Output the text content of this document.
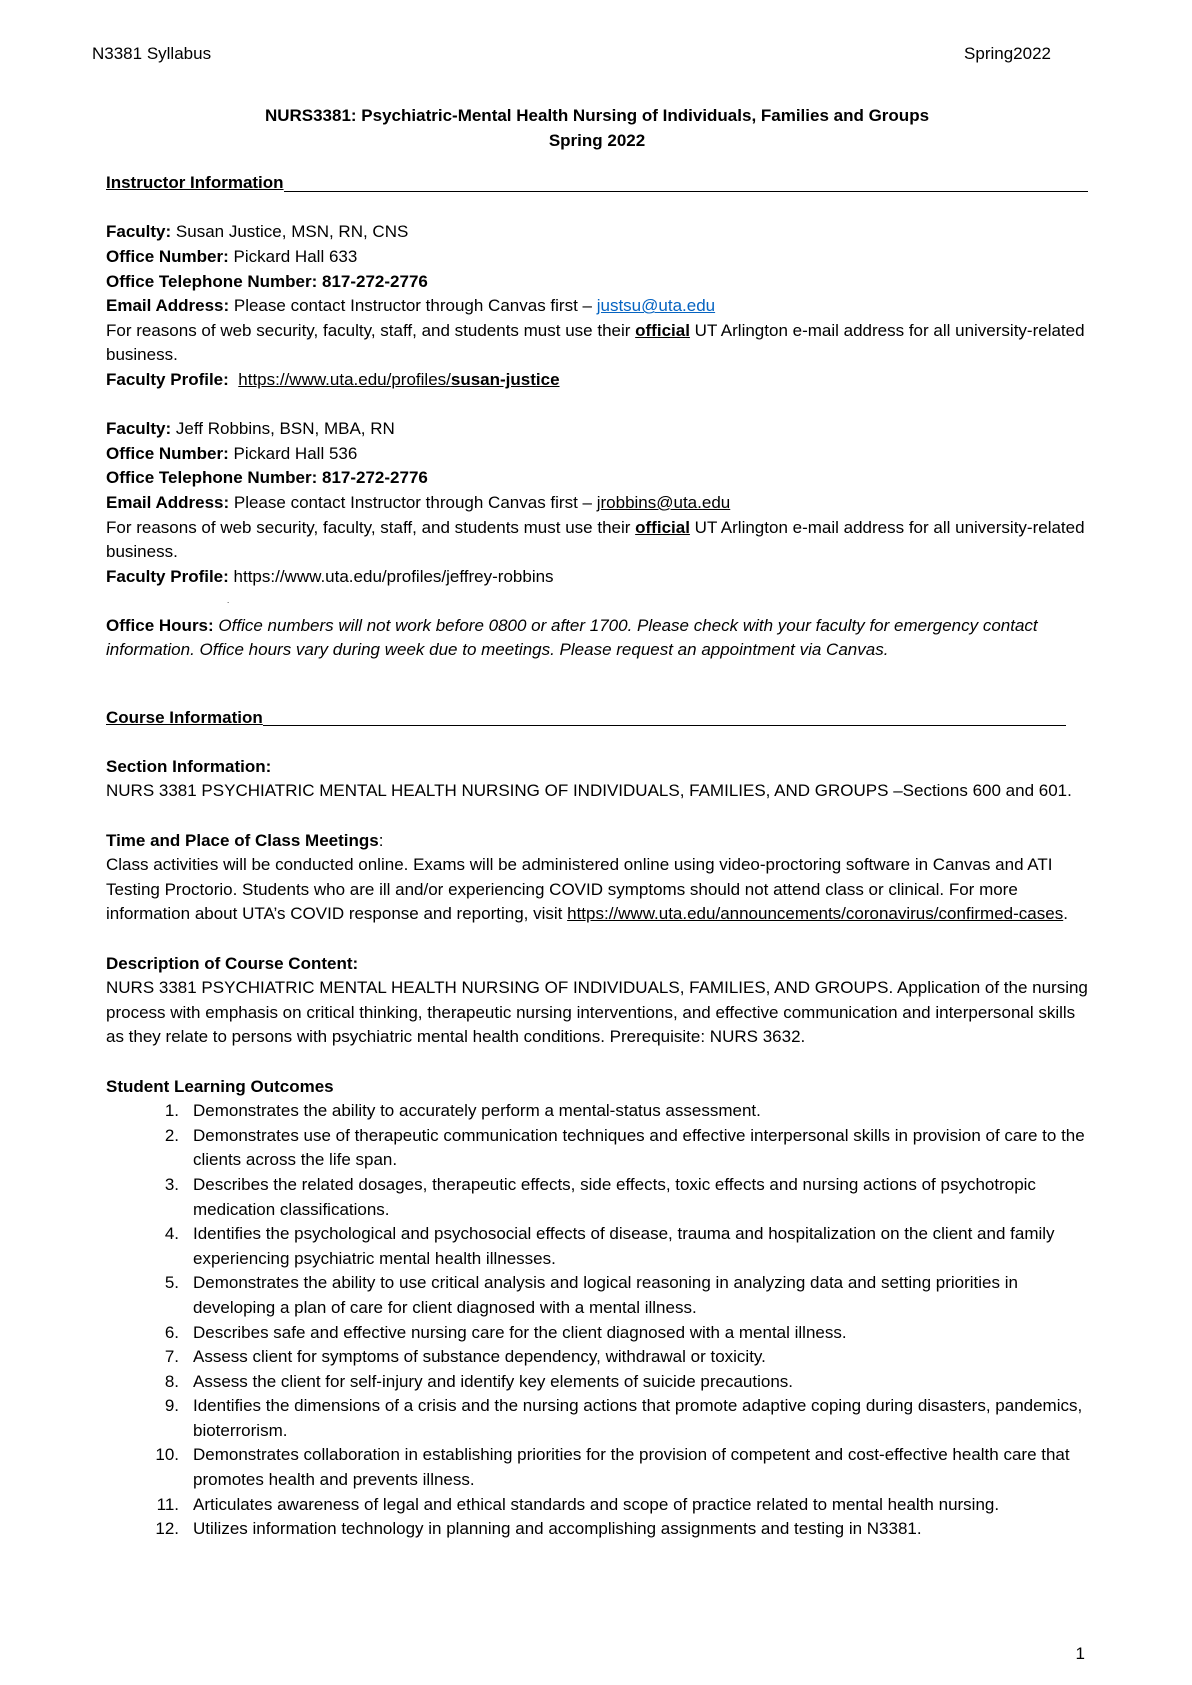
N3381 Syllabus	Spring2022
NURS3381: Psychiatric-Mental Health Nursing of Individuals, Families and Groups
Spring 2022
Instructor Information
Faculty: Susan Justice, MSN, RN, CNS
Office Number: Pickard Hall 633
Office Telephone Number: 817-272-2776
Email Address: Please contact Instructor through Canvas first – justsu@uta.edu
For reasons of web security, faculty, staff, and students must use their official UT Arlington e-mail address for all university-related business.
Faculty Profile: https://www.uta.edu/profiles/susan-justice
Faculty: Jeff Robbins, BSN, MBA, RN
Office Number: Pickard Hall 536
Office Telephone Number: 817-272-2776
Email Address: Please contact Instructor through Canvas first – jrobbins@uta.edu
For reasons of web security, faculty, staff, and students must use their official UT Arlington e-mail address for all university-related business.
Faculty Profile: https://www.uta.edu/profiles/jeffrey-robbins
.
Office Hours: Office numbers will not work before 0800 or after 1700. Please check with your faculty for emergency contact information. Office hours vary during week due to meetings. Please request an appointment via Canvas.
Course Information
Section Information:
NURS 3381 PSYCHIATRIC MENTAL HEALTH NURSING OF INDIVIDUALS, FAMILIES, AND GROUPS –Sections 600 and 601.
Time and Place of Class Meetings:
Class activities will be conducted online. Exams will be administered online using video-proctoring software in Canvas and ATI Testing Proctorio. Students who are ill and/or experiencing COVID symptoms should not attend class or clinical. For more information about UTA’s COVID response and reporting, visit https://www.uta.edu/announcements/coronavirus/confirmed-cases.
Description of Course Content:
NURS 3381 PSYCHIATRIC MENTAL HEALTH NURSING OF INDIVIDUALS, FAMILIES, AND GROUPS. Application of the nursing process with emphasis on critical thinking, therapeutic nursing interventions, and effective communication and interpersonal skills as they relate to persons with psychiatric mental health conditions. Prerequisite: NURS 3632.
Student Learning Outcomes
1. Demonstrates the ability to accurately perform a mental-status assessment.
2. Demonstrates use of therapeutic communication techniques and effective interpersonal skills in provision of care to the clients across the life span.
3. Describes the related dosages, therapeutic effects, side effects, toxic effects and nursing actions of psychotropic medication classifications.
4. Identifies the psychological and psychosocial effects of disease, trauma and hospitalization on the client and family experiencing psychiatric mental health illnesses.
5. Demonstrates the ability to use critical analysis and logical reasoning in analyzing data and setting priorities in developing a plan of care for client diagnosed with a mental illness.
6. Describes safe and effective nursing care for the client diagnosed with a mental illness.
7. Assess client for symptoms of substance dependency, withdrawal or toxicity.
8. Assess the client for self-injury and identify key elements of suicide precautions.
9. Identifies the dimensions of a crisis and the nursing actions that promote adaptive coping during disasters, pandemics, bioterrorism.
10. Demonstrates collaboration in establishing priorities for the provision of competent and cost-effective health care that promotes health and prevents illness.
11. Articulates awareness of legal and ethical standards and scope of practice related to mental health nursing.
12. Utilizes information technology in planning and accomplishing assignments and testing in N3381.
1
